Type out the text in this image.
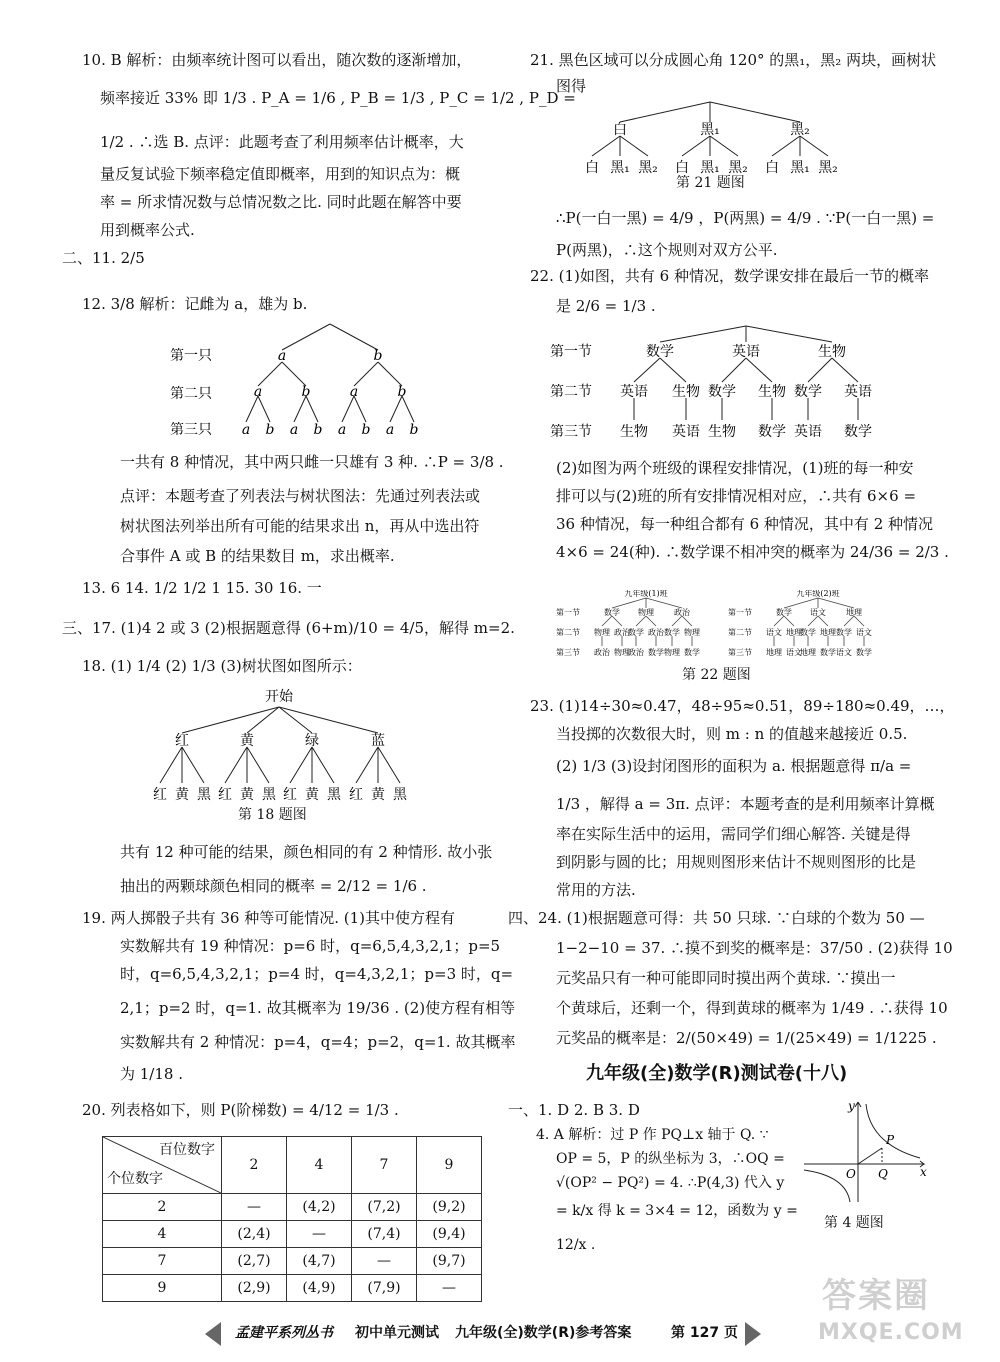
10. B 解析：由频率统计图可以看出，随次数的逐渐增加，
频率接近 33% 即 1/3 . P_A = 1/6 , P_B = 1/3 , P_C = 1/2 , P_D =
1/2 . ∴选 B. 点评：此题考查了利用频率估计概率，大
量反复试验下频率稳定值即概率，用到的知识点为：概
率 = 所求情况数与总情况数之比. 同时此题在解答中要
用到概率公式.
二、11. 2/5
12. 3/8 解析：记雌为 a，雄为 b.
第一只
第二只
第三只
a	b
a	b	a	b
a b a b a b a b
一共有 8 种情况，其中两只雌一只雄有 3 种. ∴P = 3/8 .
点评：本题考查了列表法与树状图法：先通过列表法或
树状图法列举出所有可能的结果求出 n，再从中选出符
合事件 A 或 B 的结果数目 m，求出概率.
13. 6 14. 1/2 1/2 1 15. 30 16. 一
三、17. (1)4 2 或 3 (2)根据题意得 (6+m)/10 = 4/5，解得 m=2.
18. (1) 1/4 (2) 1/3 (3)树状图如图所示：
开始
红	黄	绿	蓝
红 黄 黑 红 黄 黑 红 黄 黑 红 黄 黑
第 18 题图
共有 12 种可能的结果，颜色相同的有 2 种情形. 故小张
抽出的两颗球颜色相同的概率 = 2/12 = 1/6 .
19. 两人掷骰子共有 36 种等可能情况. (1)其中使方程有
实数解共有 19 种情况：p=6 时，q=6,5,4,3,2,1；p=5
时，q=6,5,4,3,2,1；p=4 时，q=4,3,2,1；p=3 时，q=
2,1；p=2 时，q=1. 故其概率为 19/36 . (2)使方程有相等
实数解共有 2 种情况：p=4，q=4；p=2，q=1. 故其概率
为 1/18 .
20. 列表格如下，则 P(阶梯数) = 4/12 = 1/3 .
百位数字
个位数字	2	4	7	9
2	—	(4,2)	(7,2)	(9,2)
4	(2,4)	—	(7,4)	(9,4)
7	(2,7)	(4,7)	—	(9,7)
9	(2,9)	(4,9)	(7,9)	—
21. 黑色区域可以分成圆心角 120° 的黑₁，黑₂ 两块，画树状
图得
白	黑₁	黑₂
白 黑₁ 黑₂ 白 黑₁ 黑₂ 白 黑₁ 黑₂
第 21 题图
∴P(一白一黑) = 4/9 ，P(两黑) = 4/9 . ∵P(一白一黑) =
P(两黑)，∴这个规则对双方公平.
22. (1)如图，共有 6 种情况，数学课安排在最后一节的概率
是 2/6 = 1/3 .
第一节
第二节
第三节
数学	英语	生物
英语 生物 数学 生物 数学 英语
生物 英语 生物 数学 英语 数学
(2)如图为两个班级的课程安排情况，(1)班的每一种安
排可以与(2)班的所有安排情况相对应，∴共有 6×6 =
36 种情况，每一种组合都有 6 种情况，其中有 2 种情况
4×6 = 24(种). ∴数学课不相冲突的概率为 24/36 = 2/3 .
九年级(1)班	九年级(2)班
第一节
第二节
第三节
数学 物理	政治
物理 政治
数学 政治 数学 物理
政治 物理
政治 数学 物理 数学
第一节
第二节
第三节
数学 语文	地理
语文 地理
数学 地理 数学 语文
地理 语文
地理 数学 语文 数学
第 22 题图
23. (1)14÷30≈0.47，48÷95≈0.51，89÷180≈0.49，…，
当投掷的次数很大时，则 m : n 的值越来越接近 0.5.
(2) 1/3 (3)设封闭图形的面积为 a. 根据题意得 π/a =
1/3 ，解得 a = 3π. 点评：本题考查的是利用频率计算概
率在实际生活中的运用，需同学们细心解答. 关键是得
到阴影与圆的比；用规则图形来估计不规则图形的比是
常用的方法.
四、24. (1)根据题意可得：共 50 只球. ∵白球的个数为 50 —
1−2−10 = 37. ∴摸不到奖的概率是：37/50 . (2)获得 10
元奖品只有一种可能即同时摸出两个黄球. ∵摸出一
个黄球后，还剩一个，得到黄球的概率为 1/49 . ∴获得 10
元奖品的概率是：2/(50×49) = 1/(25×49) = 1/1225 .
九年级(全)数学(R)测试卷(十八)
一、1. D 2. B 3. D
4. A 解析：过 P 作 PQ⊥x 轴于 Q. ∵
OP = 5，P 的纵坐标为 3，∴OQ =
√(OP² − PQ²) = 4. ∴P(4,3) 代入 y
= k/x 得 k = 3×4 = 12，函数为 y =
12/x .
y
P
O Q	x
第 4 题图
答案圈
MXQE.COM
孟建平系列丛书 初中单元测试 九年级(全)数学(R)参考答案	第 127 页
